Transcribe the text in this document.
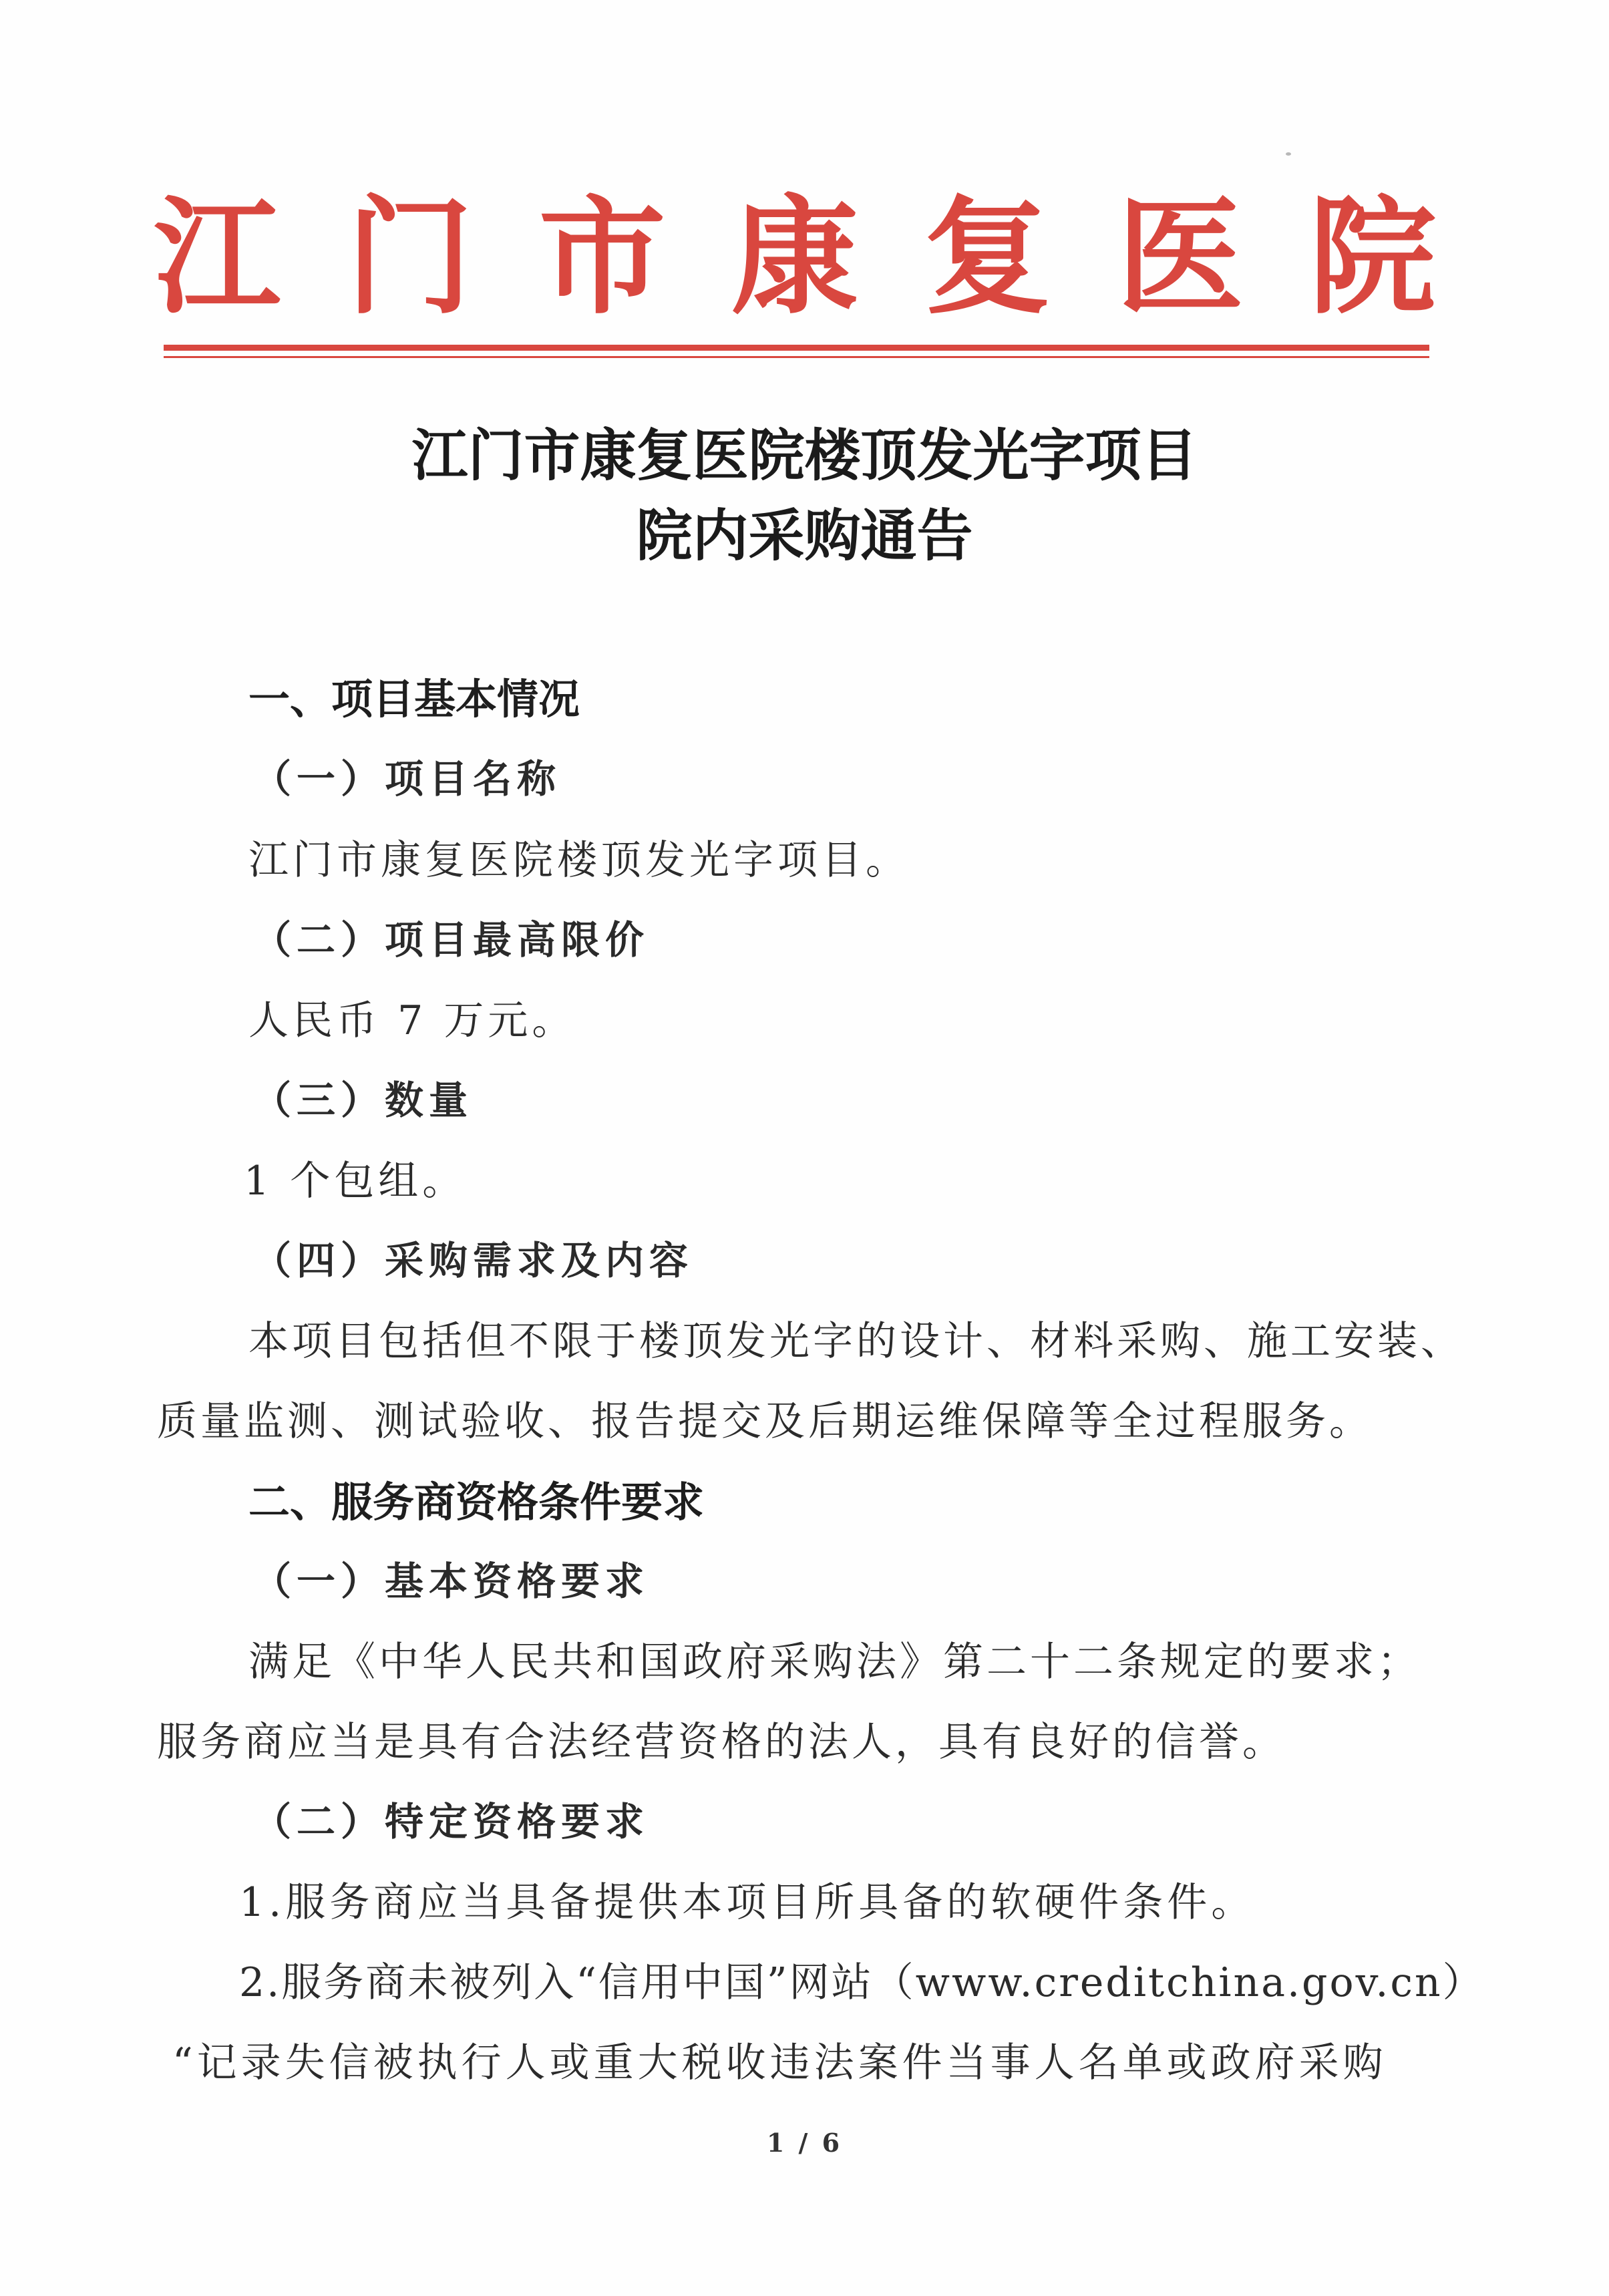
江 门 市 康 复 医 院
江门市康复医院楼顶发光字项目
院内采购通告
一、项目基本情况
（一）项目名称
江门市康复医院楼顶发光字项目。
（二）项目最高限价
人民币 7 万元。
（三）数量
1 个包组。
（四）采购需求及内容
本项目包括但不限于楼顶发光字的设计、材料采购、施工安装、
质量监测、测试验收、报告提交及后期运维保障等全过程服务。
二、服务商资格条件要求
（一）基本资格要求
满足《中华人民共和国政府采购法》第二十二条规定的要求；
服务商应当是具有合法经营资格的法人，具有良好的信誉。
（二）特定资格要求
1.服务商应当具备提供本项目所具备的软硬件条件。
2.服务商未被列入“信用中国”网站（www.creditchina.gov.cn）
“记录失信被执行人或重大税收违法案件当事人名单或政府采购
1 / 6
